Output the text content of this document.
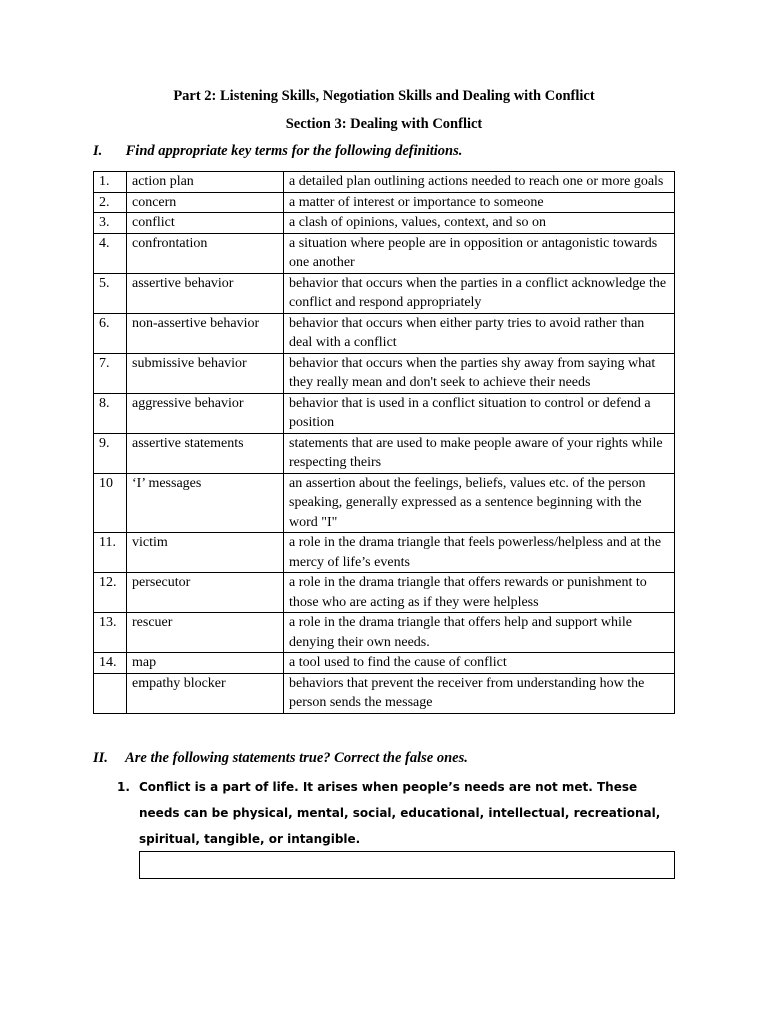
Part 2: Listening Skills, Negotiation Skills and Dealing with Conflict
Section 3: Dealing with Conflict
I. Find appropriate key terms for the following definitions.
1.	action plan	a detailed plan outlining actions needed to reach one or more goals
2.	concern	a matter of interest or importance to someone
3.	conflict	a clash of opinions, values, context, and so on
4.	confrontation	a situation where people are in opposition or antagonistic towards one another
5.	assertive behavior	behavior that occurs when the parties in a conflict acknowledge the conflict and respond appropriately
6.	non-assertive behavior	behavior that occurs when either party tries to avoid rather than deal with a conflict
7.	submissive behavior	behavior that occurs when the parties shy away from saying what they really mean and don't seek to achieve their needs
8.	aggressive behavior	behavior that is used in a conflict situation to control or defend a position
9.	assertive statements	statements that are used to make people aware of your rights while respecting theirs
10	‘I’ messages	an assertion about the feelings, beliefs, values etc. of the person speaking, generally expressed as a sentence beginning with the word "I"
11.	victim	a role in the drama triangle that feels powerless/helpless and at the mercy of life’s events
12.	persecutor	a role in the drama triangle that offers rewards or punishment to those who are acting as if they were helpless
13.	rescuer	a role in the drama triangle that offers help and support while denying their own needs.
14.	map	a tool used to find the cause of conflict
	empathy blocker	behaviors that prevent the receiver from understanding how the person sends the message
II. Are the following statements true? Correct the false ones.
1. Conflict is a part of life. It arises when people’s needs are not met. These needs can be physical, mental, social, educational, intellectual, recreational, spiritual, tangible, or intangible.
